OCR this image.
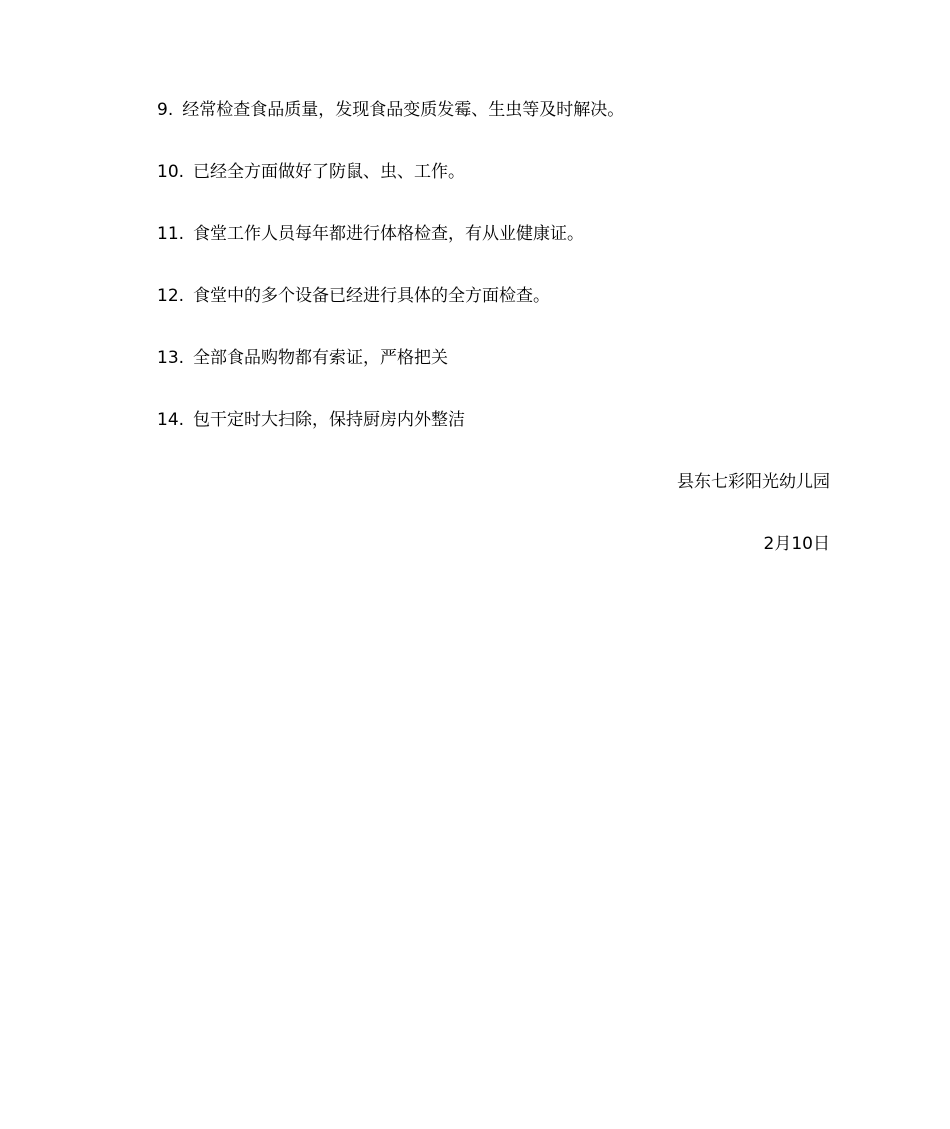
9. 经常检查食品质量，发现食品变质发霉、生虫等及时解决。
10. 已经全方面做好了防鼠、虫、工作。
11. 食堂工作人员每年都进行体格检查，有从业健康证。
12. 食堂中的多个设备已经进行具体的全方面检查。
13. 全部食品购物都有索证，严格把关
14. 包干定时大扫除，保持厨房内外整洁
县东七彩阳光幼儿园
2月10日
